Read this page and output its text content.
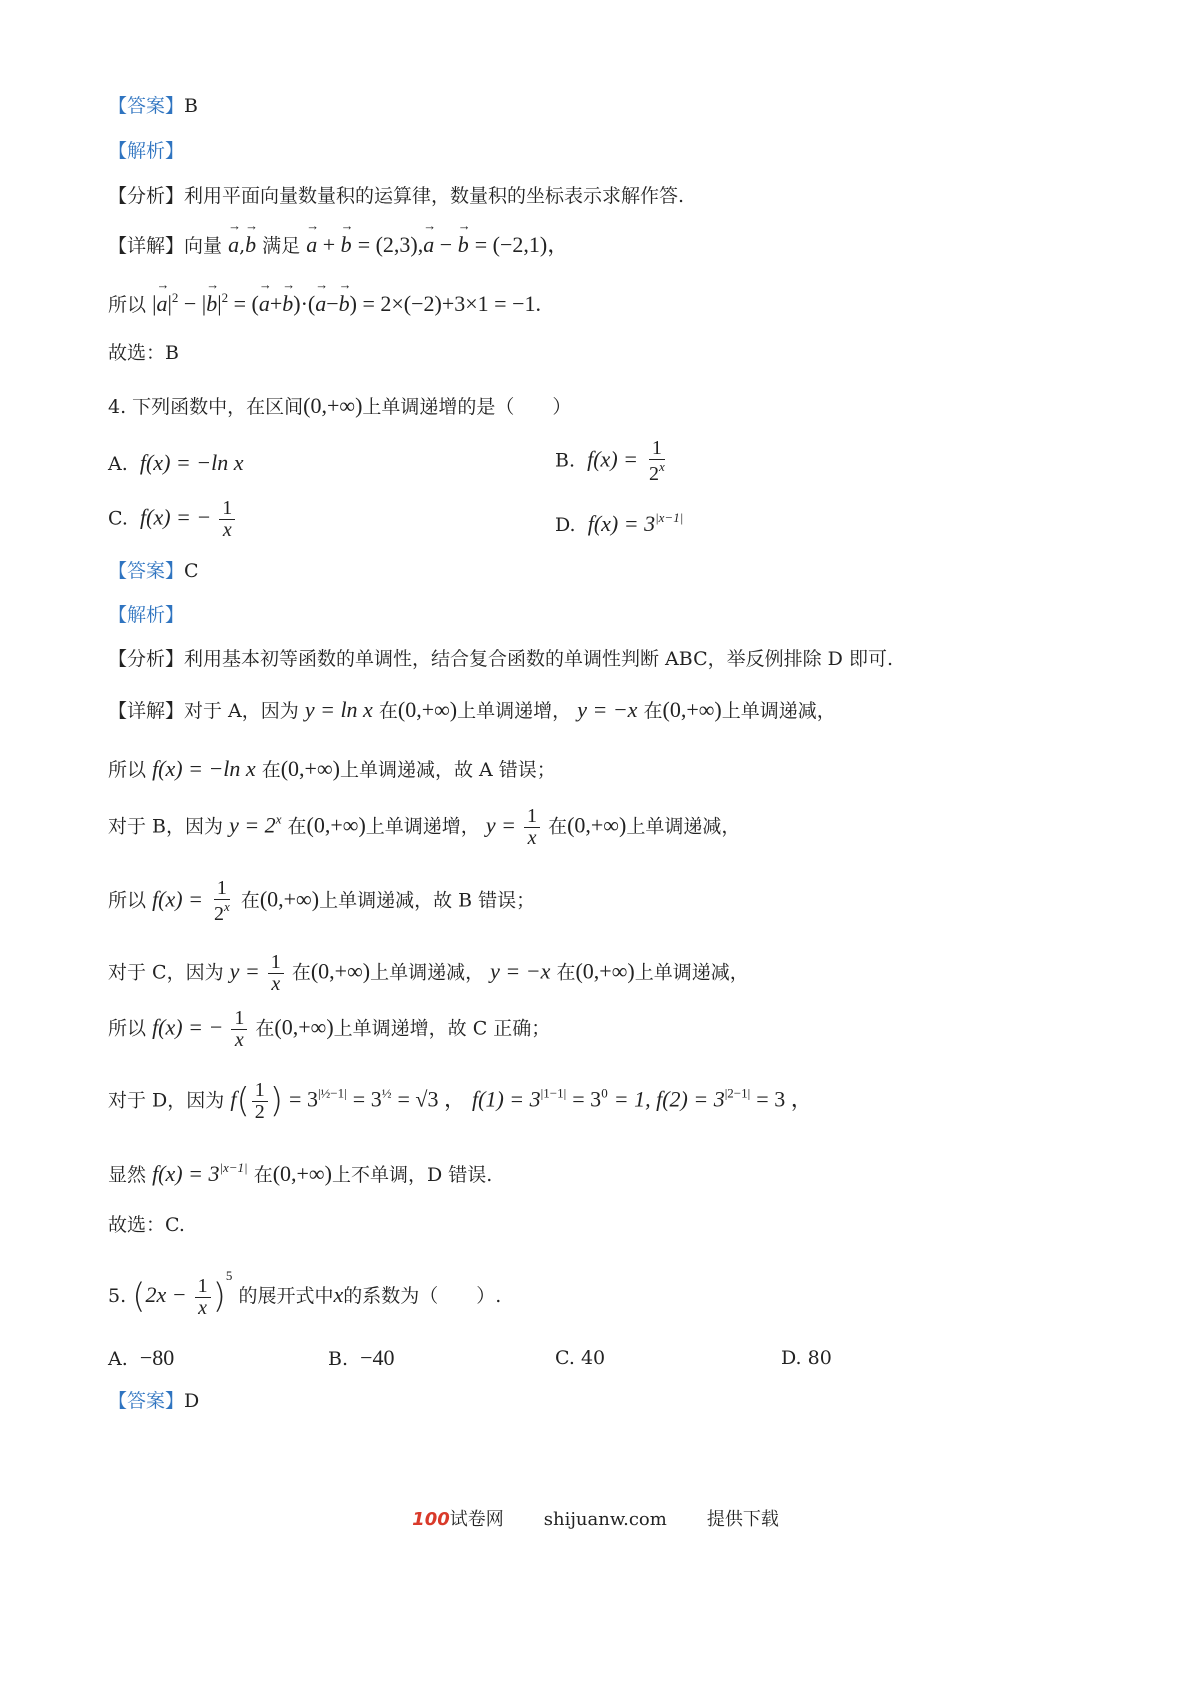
【答案】B
【解析】
【分析】利用平面向量数量积的运算律，数量积的坐标表示求解作答.
【详解】向量 → a,→ b 满足 → a + → b = (2,3),→ a − → b = (−2,1)，
所以 |→ $a|^2$ − |→ $b|^2$ = (→ a+→ b)·(→ a−→ b) = 2×(−2)+3×1 = −1.
故选：B
4. 下列函数中，在区间(0,+∞)上单调递增的是（　　）
A. f(x) = −ln x	B. $f(x) = \frac{1}{2^x}$
C. f(x) = − $\frac{1}{x}$	D. $f(x) = 3^{|x-1|}$
【答案】C
【解析】
【分析】利用基本初等函数的单调性，结合复合函数的单调性判断 ABC，举反例排除 D 即可.
【详解】对于 A，因为 y = ln x 在(0,+∞)上单调递增， y = −x 在(0,+∞)上单调递减，
所以 f(x) = −ln x 在(0,+∞)上单调递减，故 A 错误；
对于 B，因为 $y = 2^x$ 在(0,+∞)上单调递增， $y = \frac{1}{x}$ 在(0,+∞)上单调递减，
所以 $f(x) = \frac{1}{2^x}$ 在(0,+∞)上单调递减，故 B 错误；
对于 C，因为 $y = \frac{1}{x}$ 在(0,+∞)上单调递减， y = −x 在(0,+∞)上单调递减，
所以 f(x) = − $\frac{1}{x}$ 在(0,+∞)上单调递增，故 C 正确；
对于 D，因为 $f( \frac{1}{2}$ ) = $3^{|\frac{1}{2}-1|} = 3^{\frac{1}{2}} = √3$ ， $f(1) = 3^{|1-1|} = 3^0 = 1$, $f(2) = 3^{|2-1|} = 3$ ，
显然 $f(x) = 3^{|x-1|}$ 在(0,+∞)上不单调，D 错误.
故选：C.
5. $(2x - \frac{1}{x} )^5$ 的展开式中x的系数为（　　）.
A. −80	B. −40	C. 40	D. 80
【答案】D
100试卷网 shijuanw.com 提供下载
